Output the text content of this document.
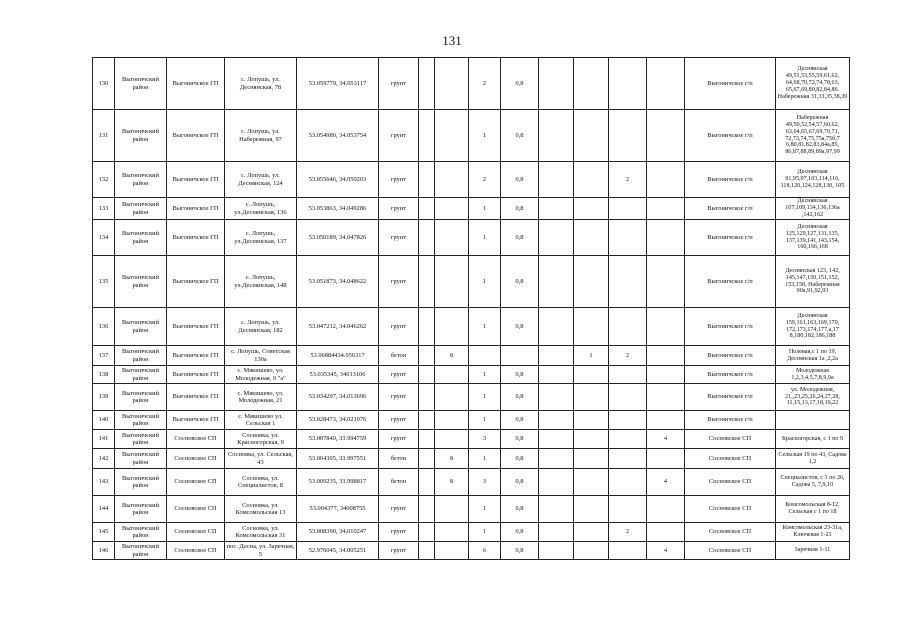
131
130	Выгоничский район	Выгоничское ГП	с. Лопушь, ул. Деснянская, 78	53.059779, 34.053117	грунт			2	0,8					Выгоничское г/п	Деснянская 49,51,53,55,59,61,62, 64,68,70,72,74,78,63, 65,67,69,80,82,84,86. Набережная 31,33,35,38,39
131	Выгоничский район	Выгоничское ГП	с. Лопушь, ул. Набережная, 97	53.054980, 34.053754	грунт			1	0,8					Выгоничское г/п	Набережная 49,50,52,54,57,60,62, 63,64,65,67,69,70,71, 72,73,74,75,75а,75б,7 6,80,81,82,83,84а,85, 86,87,88,89,89а,97,99
132	Выгоничский район	Выгоничское ГП	с. Лопушь, ул. Деснянская, 124	53.055646, 34.050203	грунт			2	0,8			2		Выгоничское г/п	Деснянская 91,95,97,103,114,116, 118,120,124,128,130, 105
133	Выгоничский район	Выгоничское ГП	с. Лопушь, ул.Деснянская, 136	53.053863, 34.049286	грунт			1	0,8					Выгоничское г/п	Деснянская 107,109,134,136,136а ,142,162
134	Выгоничский район	Выгоничское ГП	с. Лопушь, ул.Деснянская, 137	53.050189, 34.047826	грунт			1	0,8					Выгоничское г/п	Деснянская 125,129,127,131,135, 137,139,141,143,154, 160,166,168
135	Выгоничский район	Выгоничское ГП	с. Лопушь, ул.Деснянская, 148	53.051873, 34.048622	грунт			1	0,8					Выгоничское г/п	Деснянская 123, 142, 145,147,150,151,152, 153,158, Набережная 90а,91,92,93
136	Выгоничский район	Выгоничское ГП	с. Лопушь, ул. Деснянская, 182	53.047212, 34.046262	грунт			1	0,8					Выгоничское г/п	Деснянская 159,161,163,169,170, 172,173,174,177,а,17 8,180,182,186,188
137	Выгоничский район	Выгоничское ГП	с. Лопушь, Советская 130а	53.06884434.056317	бетон		8				1	2		Выгоничское г/п	Полевая,с 1 по 19, Деснянская 1а ,2,2а
138	Выгоничский район	Выгоничское ГП	с. Мякишево, ул. Молодежная, 9 "а"	53.035345, 34013106	грунт			1	0,8					Выгоничское г/п	Молодежная 1,2,3,4,5,7,8,9,9а
139	Выгоничский район	Выгоничское ГП	с. Мякишево, ул. Молодежная, 21	53.034297, 34.013696	грунт			1	0,8					Выгоничское г/п	ул. Молодежная, 21,,23,25,26,24,27,28, 11,15,13,17,18,19,22
140	Выгоничский район	Выгоничское ГП	с. Мякишево ул. Сельская 1	53.028473, 34.021076	грунт			1	0,8					Выгоничское г/п	
141	Выгоничский район	Сосновское СП	Сосновка, ул. Красногорская, 9	53.007840, 33.994759	грунт			3	0,8				4	Сосновское СП	Красногорская, с 1 по 9
142	Выгоничский район	Сосновское СП	Сосновка, ул. Сельская, 43	53.004305, 33.997551	бетон		8	1	0,8					Сосновское СП	Сельская 19 по 43, Садова 1,2
143	Выгоничский район	Сосновское СП	Сосновка, ул. Специалистов, 8	53.009235, 33.998817	бетон		8	3	0,8				4	Сосновское СП	Специалистов, с 1 по 26, Садова 5, 7,9,10
144	Выгоничский район	Сосновское СП	Сосновка, ул. Комсомольская 13	53.004377, 34008755	грунт			1	0,8					Сосновское СП	Комсомольская 8-12, Сельская с 1 по 18
145	Выгоничский район	Сосновское СП	Сосновка, ул. Комсомольская 31	53.008390, 34.010247	грунт			1	0,8			2		Сосновское СП	Комсомольская 23-31а, Ключевая 1-23
146	Выгоничский район	Сосновское СП	пос. Десна, ул. Заречная, 5	52.976045, 34.005251	грунт			6	0,8				4	Сосновское СП	Заречная 1-11
